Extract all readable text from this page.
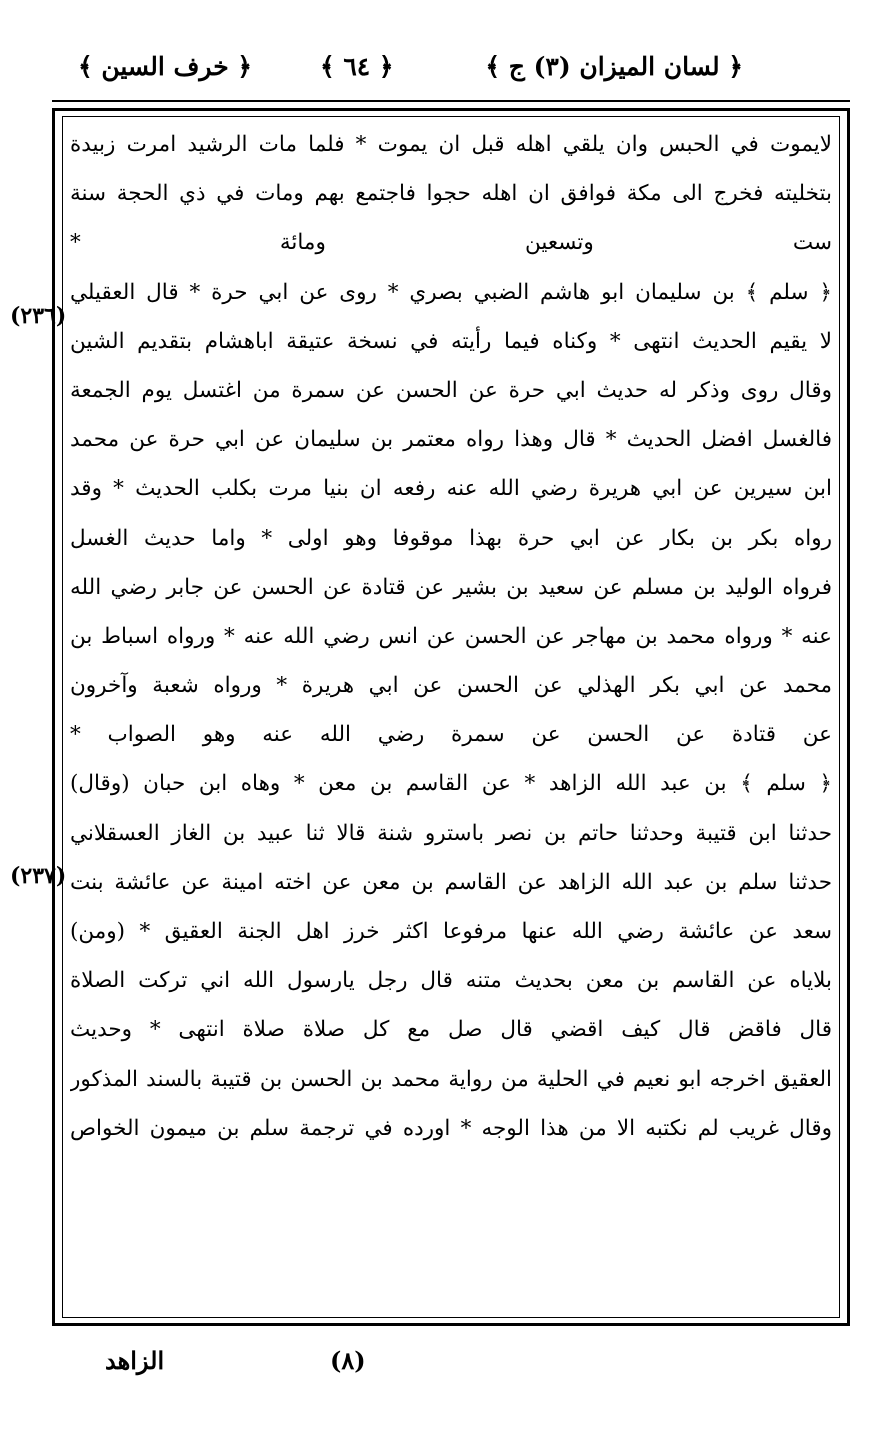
﴿ لسان الميزان (٣) ج ﴾
﴿ ٦٤ ﴾
﴿ خرف السين ﴾
لايموت في الحبس وان يلقي اهله قبل ان يموت * فلما مات الرشيد امرت زبيدة
بتخليته فخرج الى مكة فوافق ان اهله حجوا فاجتمع بهم ومات في ذي الحجة سنة
ست وتسعين ومائة *
﴿ سلم ﴾ بن سليمان ابو هاشم الضبي بصري * روى عن ابي حرة * قال العقيلي
لا يقيم الحديث انتهى * وكناه فيما رأيته في نسخة عتيقة اباهشام بتقديم الشين
وقال روى وذكر له حديث ابي حرة عن الحسن عن سمرة من اغتسل يوم الجمعة
فالغسل افضل الحديث * قال وهذا رواه معتمر بن سليمان عن ابي حرة عن محمد
ابن سيرين عن ابي هريرة رضي الله عنه رفعه ان بنيا مرت بكلب الحديث * وقد
رواه بكر بن بكار عن ابي حرة بهذا موقوفا وهو اولى * واما حديث الغسل
فرواه الوليد بن مسلم عن سعيد بن بشير عن قتادة عن الحسن عن جابر رضي الله
عنه * ورواه محمد بن مهاجر عن الحسن عن انس رضي الله عنه * ورواه اسباط بن
محمد عن ابي بكر الهذلي عن الحسن عن ابي هريرة * ورواه شعبة وآخرون
عن قتادة عن الحسن عن سمرة رضي الله عنه وهو الصواب *
﴿ سلم ﴾ بن عبد الله الزاهد * عن القاسم بن معن * وهاه ابن حبان (وقال)
حدثنا ابن قتيبة وحدثنا حاتم بن نصر باسترو شنة قالا ثنا عبيد بن الغاز العسقلاني
حدثنا سلم بن عبد الله الزاهد عن القاسم بن معن عن اخته امينة عن عائشة بنت
سعد عن عائشة رضي الله عنها مرفوعا اكثر خرز اهل الجنة العقيق * (ومن)
بلاياه عن القاسم بن معن بحديث متنه قال رجل يارسول الله اني تركت الصلاة
قال فاقض قال كيف اقضي قال صل مع كل صلاة صلاة انتهى * وحديث
العقيق اخرجه ابو نعيم في الحلية من رواية محمد بن الحسن بن قتيبة بالسند المذكور
وقال غريب لم نكتبه الا من هذا الوجه * اورده في ترجمة سلم بن ميمون الخواص
(٢٣٦)
(٢٣٧)
الزاهد	(٨)
